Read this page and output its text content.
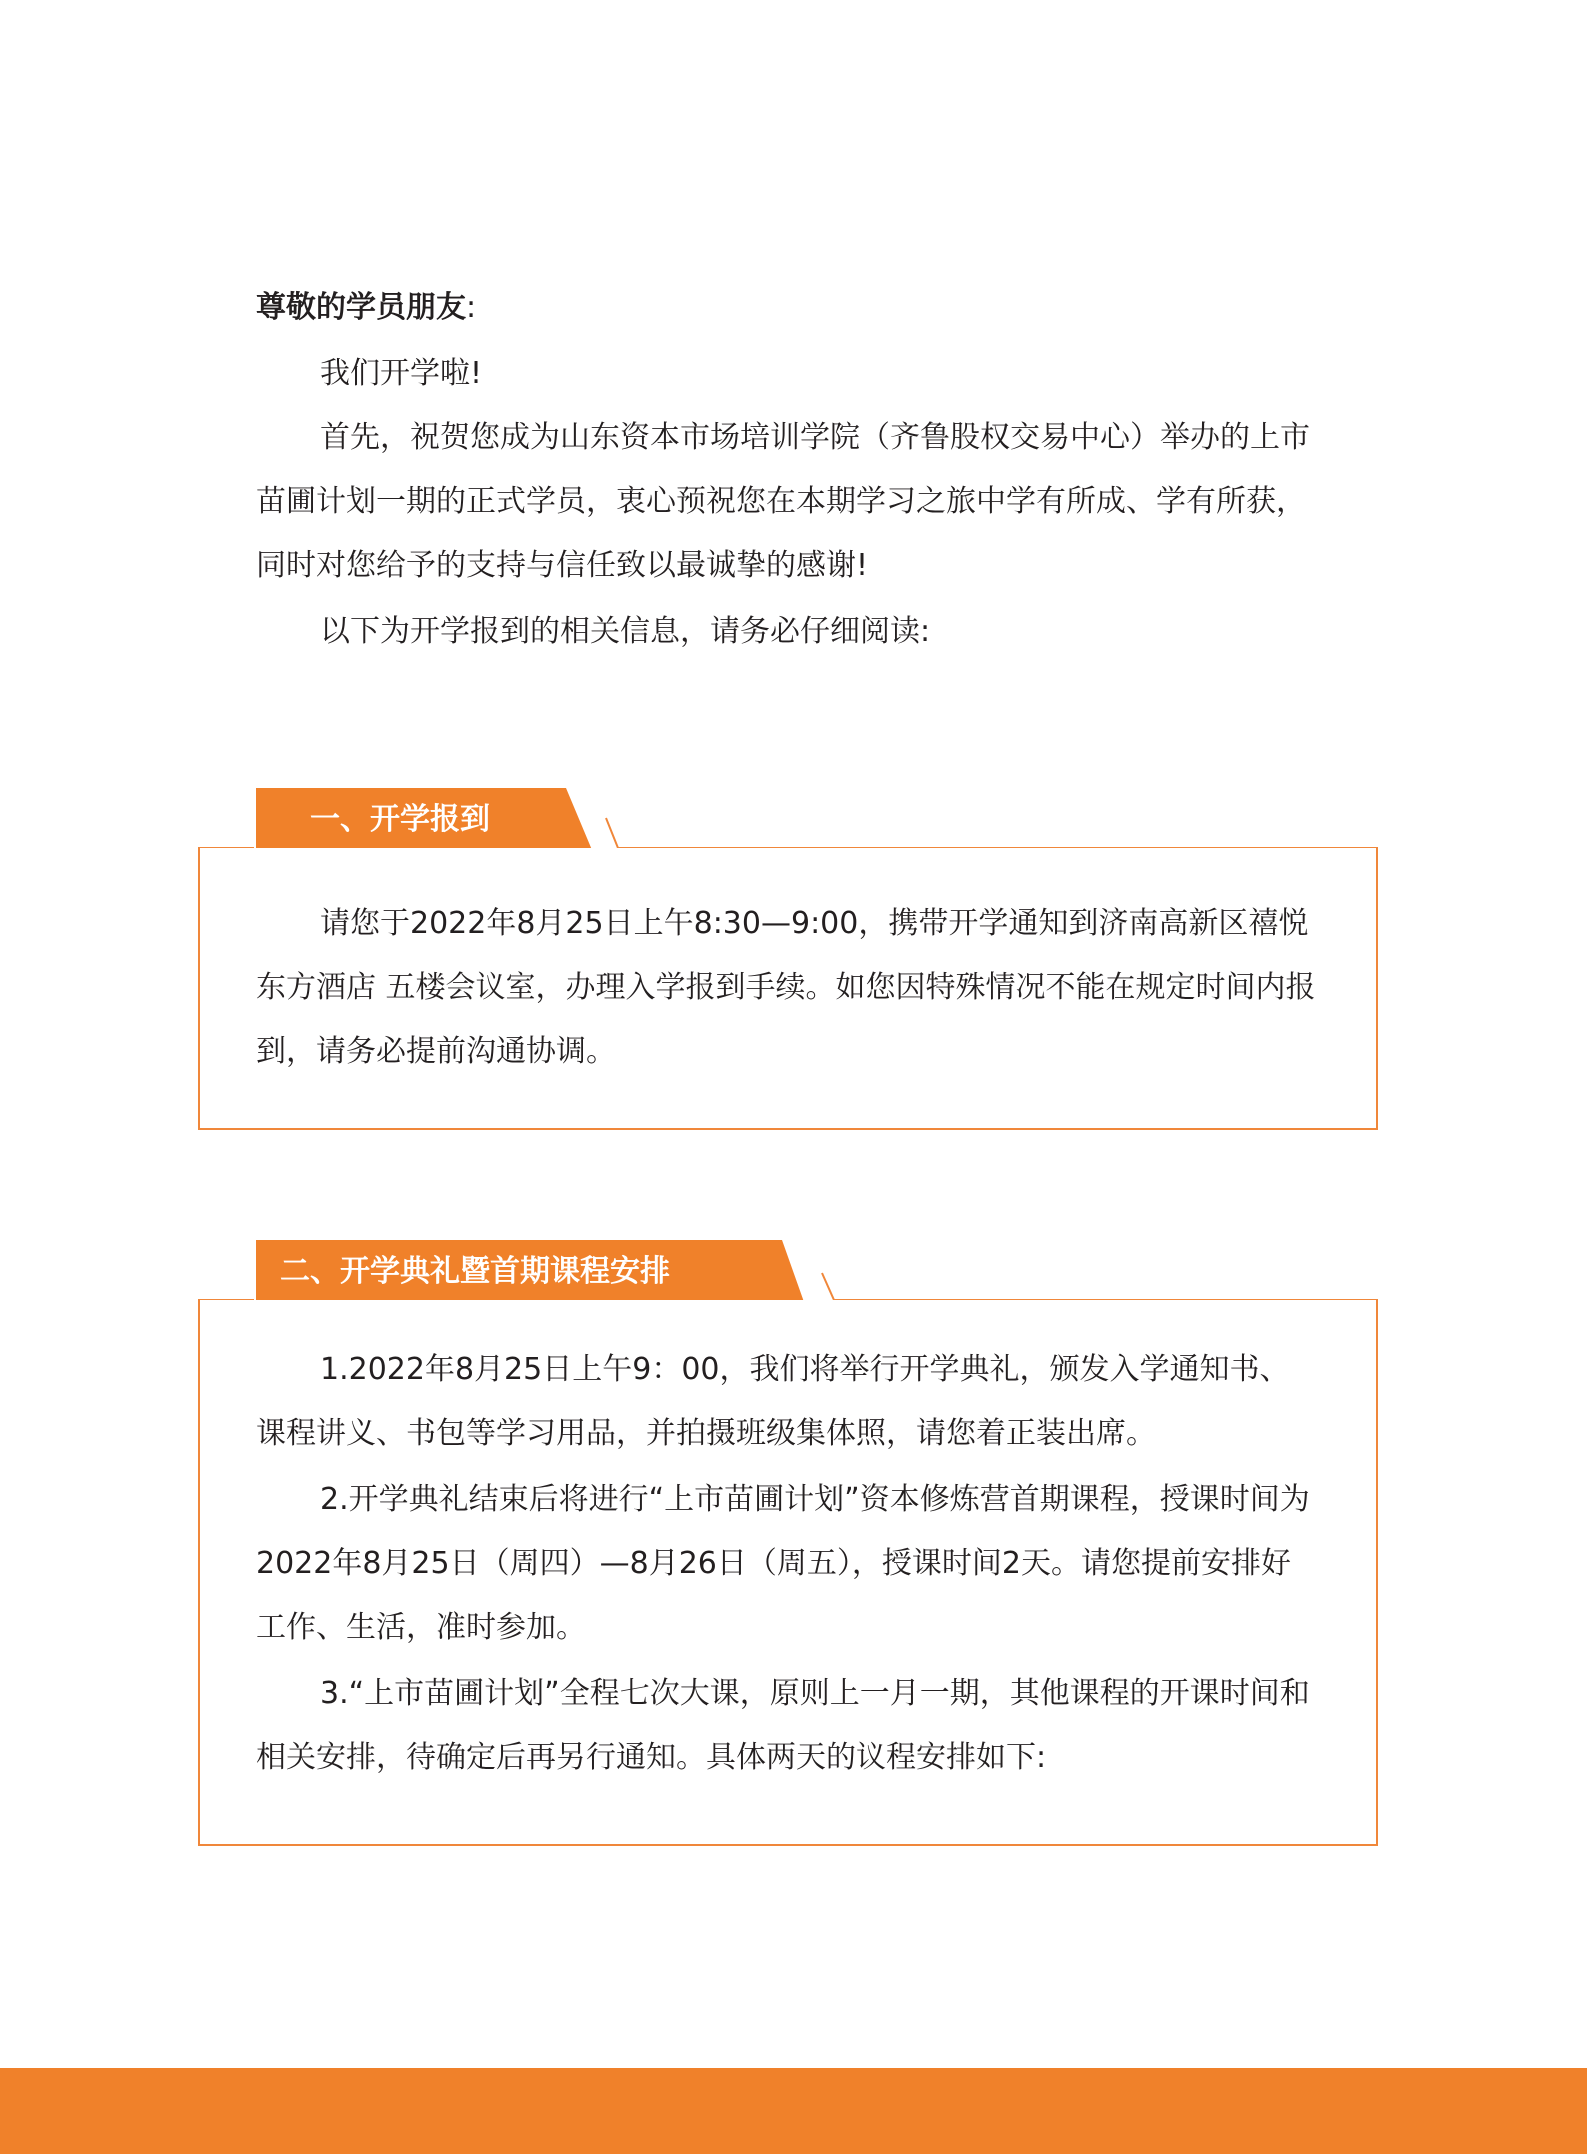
尊敬的学员朋友:

我们开学啦!

首先，祝贺您成为山东资本市场培训学院（齐鲁股权交易中心）举办的上市苗圃计划一期的正式学员，衷心预祝您在本期学习之旅中学有所成、学有所获，同时对您给予的支持与信任致以最诚挚的感谢!

以下为开学报到的相关信息，请务必仔细阅读:

一、开学报到

请您于2022年8月25日上午8:30—9:00，携带开学通知到济南高新区禧悦东方酒店 五楼会议室，办理入学报到手续。如您因特殊情况不能在规定时间内报到，请务必提前沟通协调。

二、开学典礼暨首期课程安排

1.2022年8月25日上午9：00，我们将举行开学典礼，颁发入学通知书、课程讲义、书包等学习用品，并拍摄班级集体照，请您着正装出席。

2.开学典礼结束后将进行“上市苗圃计划”资本修炼营首期课程，授课时间为2022年8月25日（周四）—8月26日（周五），授课时间2天。请您提前安排好工作、生活，准时参加。

3.“上市苗圃计划”全程七次大课，原则上一月一期，其他课程的开课时间和相关安排，待确定后再另行通知。具体两天的议程安排如下:
